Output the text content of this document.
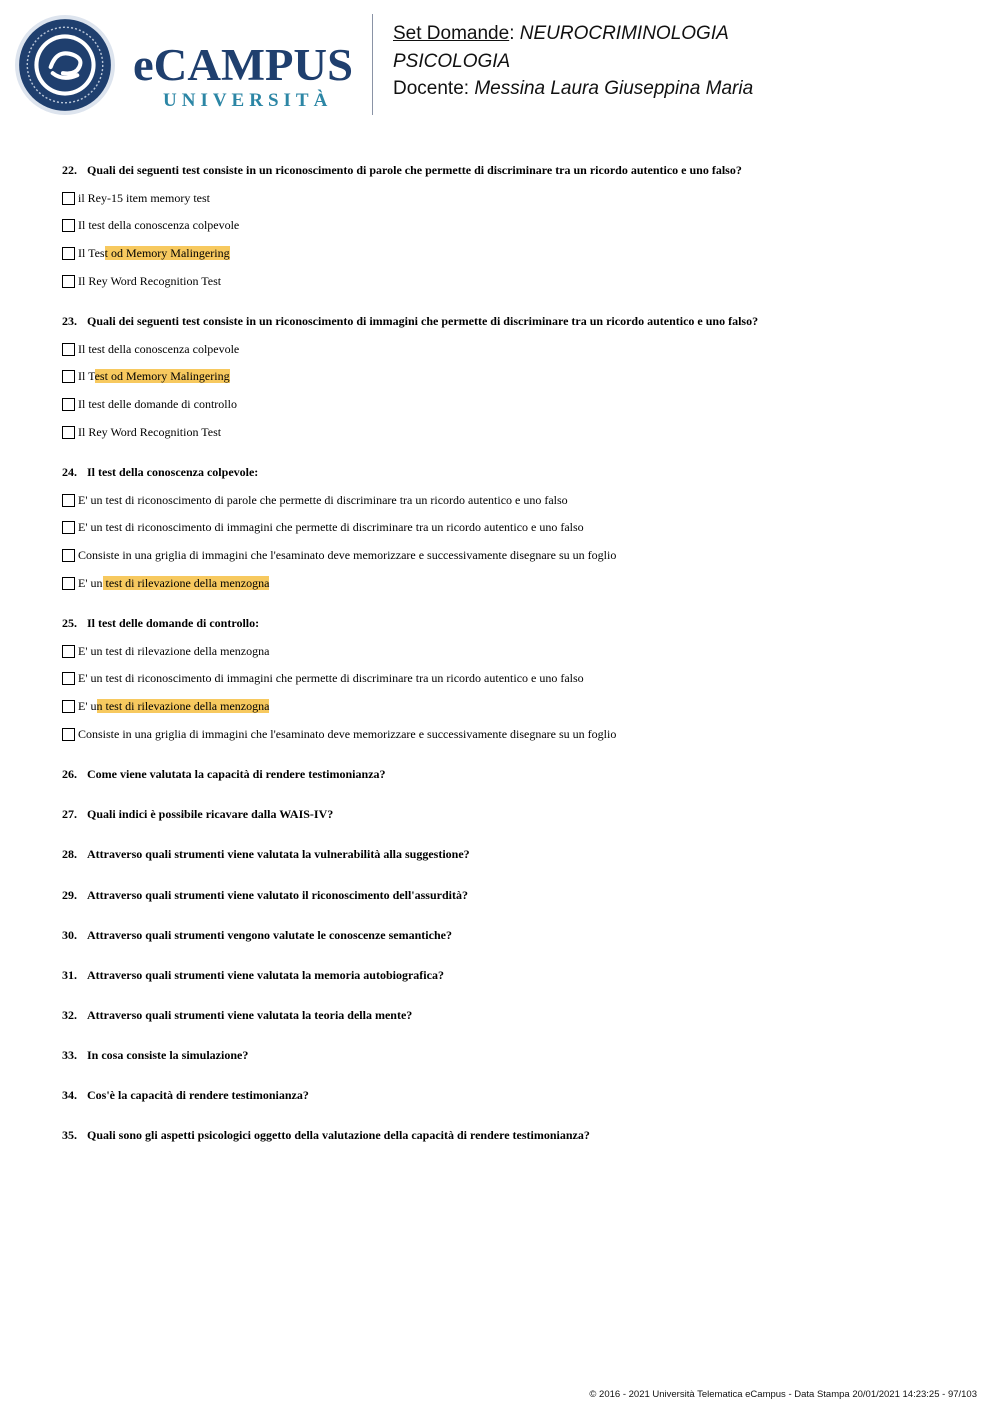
eCAMPUS
UNIVERSITÀ
Set Domande: NEUROCRIMINOLOGIA
PSICOLOGIA
Docente: Messina Laura Giuseppina Maria
22. Quali dei seguenti test consiste in un riconoscimento di parole che permette di discriminare tra un ricordo autentico e uno falso?
il Rey-15 item memory test
Il test della conoscenza colpevole
Il Test od Memory Malingering
Il Rey Word Recognition Test
23. Quali dei seguenti test consiste in un riconoscimento di immagini che permette di discriminare tra un ricordo autentico e uno falso?
Il test della conoscenza colpevole
Il Test od Memory Malingering
Il test delle domande di controllo
Il Rey Word Recognition Test
24. Il test della conoscenza colpevole:
E' un test di riconoscimento di parole che permette di discriminare tra un ricordo autentico e uno falso
E' un test di riconoscimento di immagini che permette di discriminare tra un ricordo autentico e uno falso
Consiste in una griglia di immagini che l'esaminato deve memorizzare e successivamente disegnare su un foglio
E' un test di rilevazione della menzogna
25. Il test delle domande di controllo:
E' un test di rilevazione della menzogna
E' un test di riconoscimento di immagini che permette di discriminare tra un ricordo autentico e uno falso
E' un test di rilevazione della menzogna
Consiste in una griglia di immagini che l'esaminato deve memorizzare e successivamente disegnare su un foglio
26. Come viene valutata la capacità di rendere testimonianza?
27. Quali indici è possibile ricavare dalla WAIS-IV?
28. Attraverso quali strumenti viene valutata la vulnerabilità alla suggestione?
29. Attraverso quali strumenti viene valutato il riconoscimento dell'assurdità?
30. Attraverso quali strumenti vengono valutate le conoscenze semantiche?
31. Attraverso quali strumenti viene valutata la memoria autobiografica?
32. Attraverso quali strumenti viene valutata la teoria della mente?
33. In cosa consiste la simulazione?
34. Cos'è la capacità di rendere testimonianza?
35. Quali sono gli aspetti psicologici oggetto della valutazione della capacità di rendere testimonianza?
© 2016 - 2021 Università Telematica eCampus - Data Stampa 20/01/2021 14:23:25 - 97/103
